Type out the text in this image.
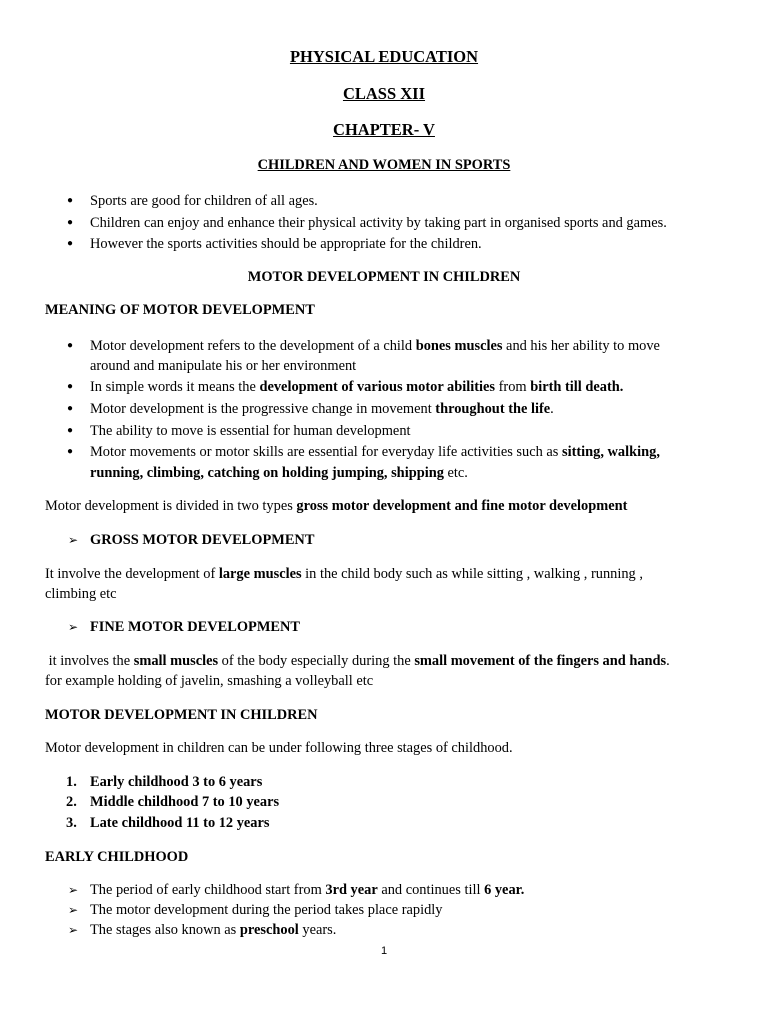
PHYSICAL EDUCATION
CLASS XII
CHAPTER- V
CHILDREN AND WOMEN IN SPORTS
● Sports are good for children of all ages.
● Children can enjoy and enhance their physical activity by taking part in organised sports and games.
● However the sports activities should be appropriate for the children.
MOTOR DEVELOPMENT IN CHILDREN
MEANING OF MOTOR DEVELOPMENT
● Motor development refers to the development of a child bones muscles and his her ability to move
around and manipulate his or her environment
● In simple words it means the development of various motor abilities from birth till death.
● Motor development is the progressive change in movement throughout the life.
● The ability to move is essential for human development
● Motor movements or motor skills are essential for everyday life activities such as sitting, walking,
running, climbing, catching on holding jumping, shipping etc.
Motor development is divided in two types gross motor development and fine motor development
➢ GROSS MOTOR DEVELOPMENT
It involve the development of large muscles in the child body such as while sitting , walking , running ,
climbing etc
➢ FINE MOTOR DEVELOPMENT
it involves the small muscles of the body especially during the small movement of the fingers and hands.
for example holding of javelin, smashing a volleyball etc
MOTOR DEVELOPMENT IN CHILDREN
Motor development in children can be under following three stages of childhood.
1. Early childhood 3 to 6 years
2. Middle childhood 7 to 10 years
3. Late childhood 11 to 12 years
EARLY CHILDHOOD
➢ The period of early childhood start from 3rd year and continues till 6 year.
➢ The motor development during the period takes place rapidly
➢ The stages also known as preschool years.
1
